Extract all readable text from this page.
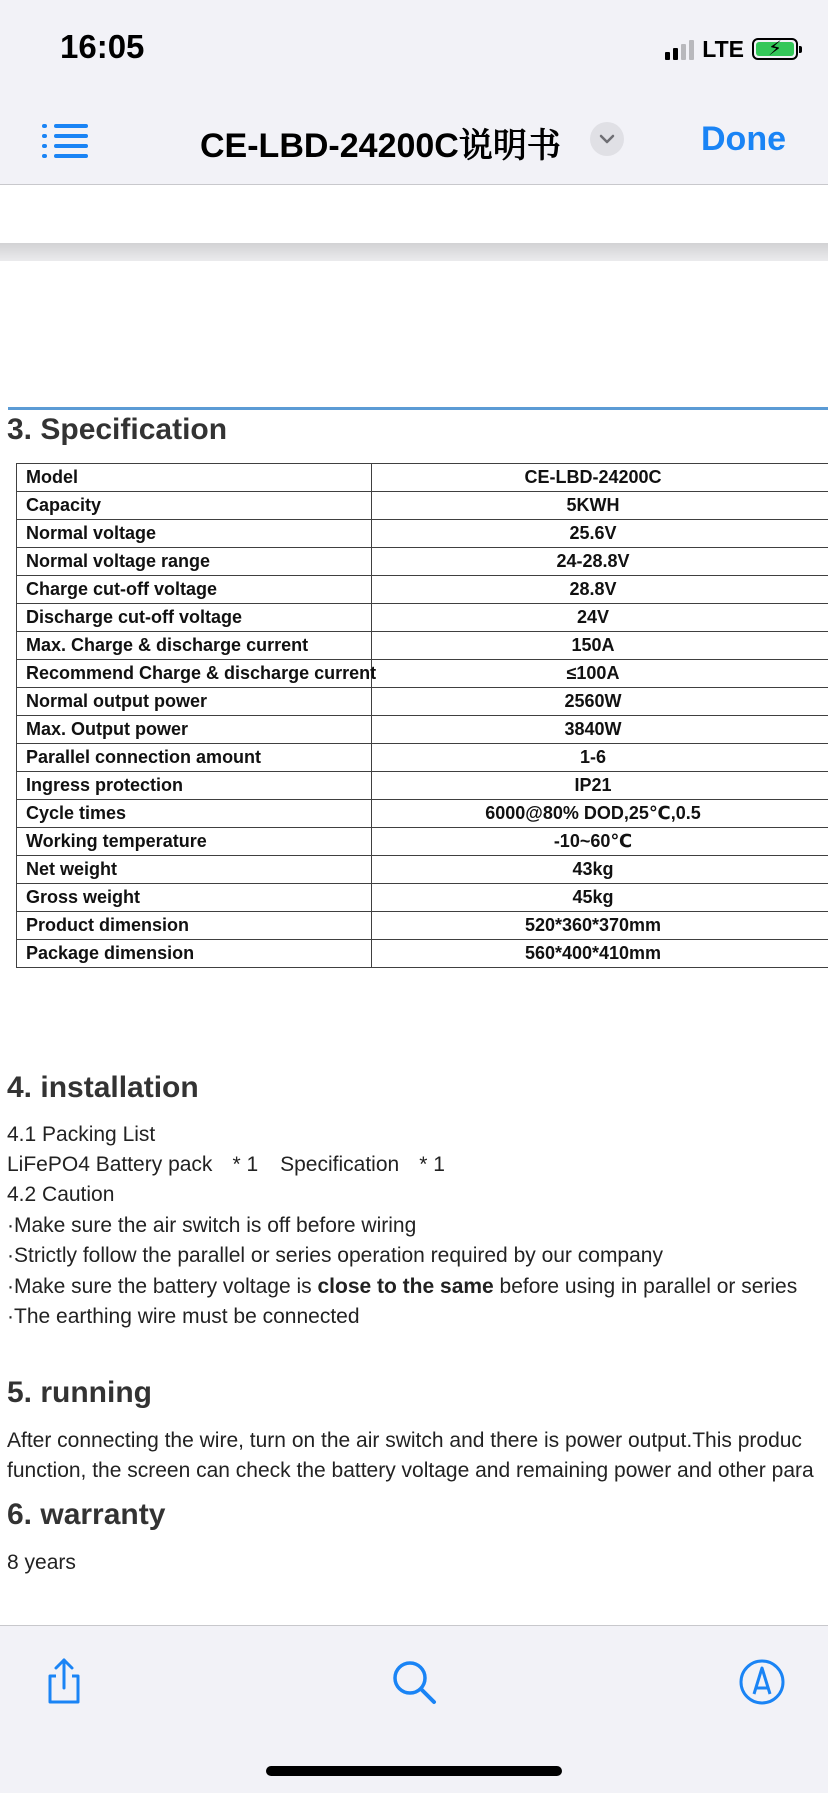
16:05	LTE	⚡
CE-LBD-24200C说明书	Done
3. Specification
Model	CE-LBD-24200C
Capacity	5KWH
Normal voltage	25.6V
Normal voltage range	24-28.8V
Charge cut-off voltage	28.8V
Discharge cut-off voltage	24V
Max. Charge & discharge current	150A
Recommend Charge & discharge current	≤100A
Normal output power	2560W
Max. Output power	3840W
Parallel connection amount	1-6
Ingress protection	IP21
Cycle times	6000@80% DOD,25℃,0.5
Working temperature	-10~60℃
Net weight	43kg
Gross weight	45kg
Product dimension	520*360*370mm
Package dimension	560*400*410mm
4. installation
4.1 Packing List
LiFePO4 Battery pack * 1 Specification * 1
4.2 Caution
·Make sure the air switch is off before wiring
·Strictly follow the parallel or series operation required by our company
·Make sure the battery voltage is close to the same before using in parallel or series
·The earthing wire must be connected
5. running
After connecting the wire, turn on the air switch and there is power output.This produc
function, the screen can check the battery voltage and remaining power and other para
6. warranty
8 years
